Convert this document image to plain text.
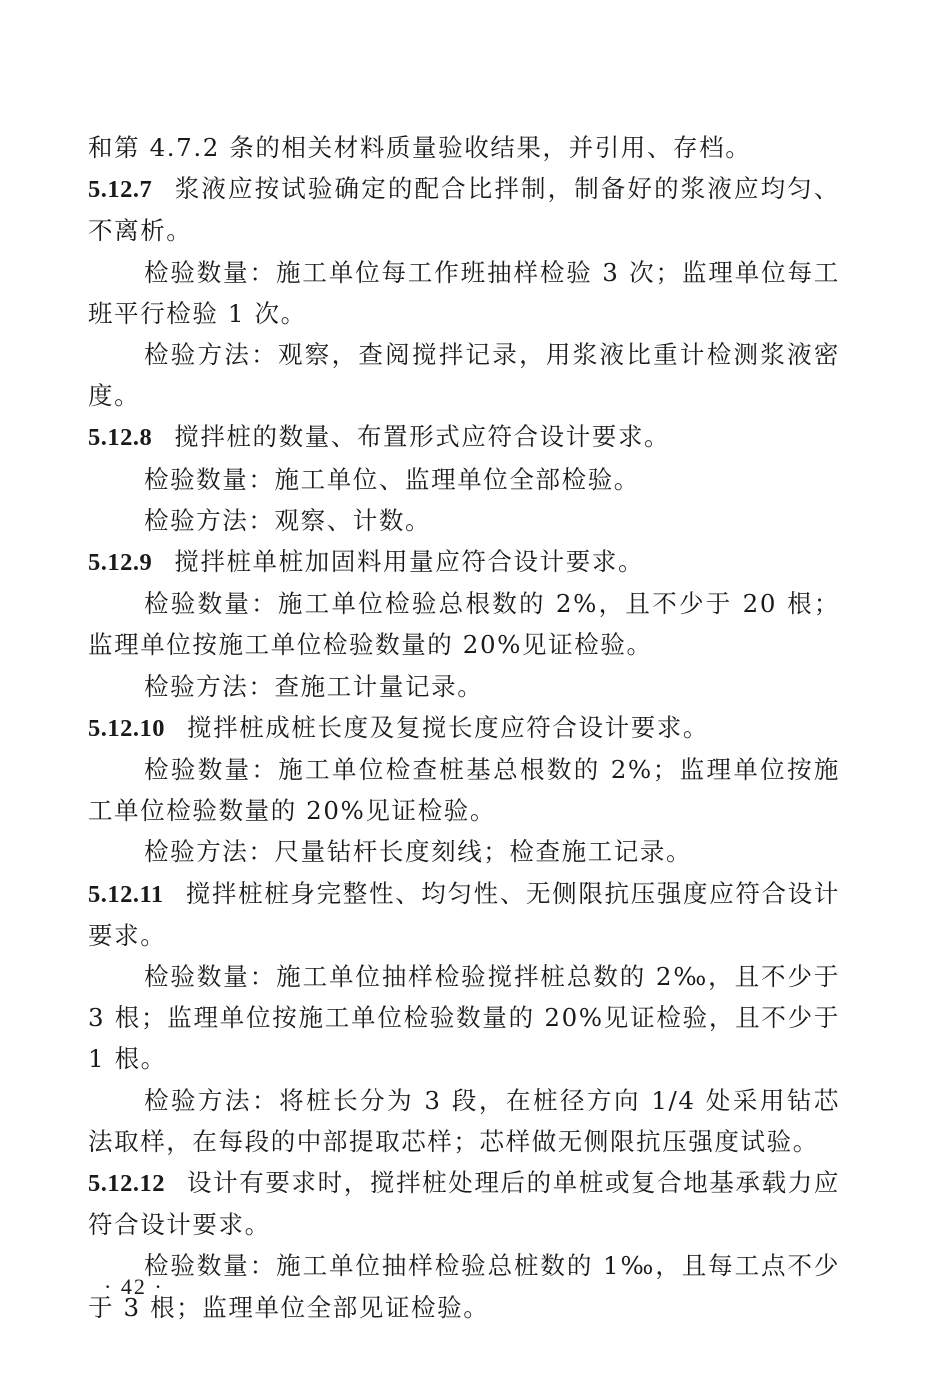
和第 4.7.2 条的相关材料质量验收结果，并引用、存档。

5.12.7 浆液应按试验确定的配合比拌制，制备好的浆液应均匀、不离析。

检验数量：施工单位每工作班抽样检验 3 次；监理单位每工班平行检验 1 次。

检验方法：观察，查阅搅拌记录，用浆液比重计检测浆液密度。

5.12.8 搅拌桩的数量、布置形式应符合设计要求。

检验数量：施工单位、监理单位全部检验。

检验方法：观察、计数。

5.12.9 搅拌桩单桩加固料用量应符合设计要求。

检验数量：施工单位检验总根数的 2%，且不少于 20 根；监理单位按施工单位检验数量的 20%见证检验。

检验方法：查施工计量记录。

5.12.10 搅拌桩成桩长度及复搅长度应符合设计要求。

检验数量：施工单位检查桩基总根数的 2%；监理单位按施工单位检验数量的 20%见证检验。

检验方法：尺量钻杆长度刻线；检查施工记录。

5.12.11 搅拌桩桩身完整性、均匀性、无侧限抗压强度应符合设计要求。

检验数量：施工单位抽样检验搅拌桩总数的 2‰，且不少于 3 根；监理单位按施工单位检验数量的 20%见证检验，且不少于 1 根。

检验方法：将桩长分为 3 段，在桩径方向 1/4 处采用钻芯法取样，在每段的中部提取芯样；芯样做无侧限抗压强度试验。

5.12.12 设计有要求时，搅拌桩处理后的单桩或复合地基承载力应符合设计要求。

检验数量：施工单位抽样检验总桩数的 1‰，且每工点不少于 3 根；监理单位全部见证检验。

· 42 ·
